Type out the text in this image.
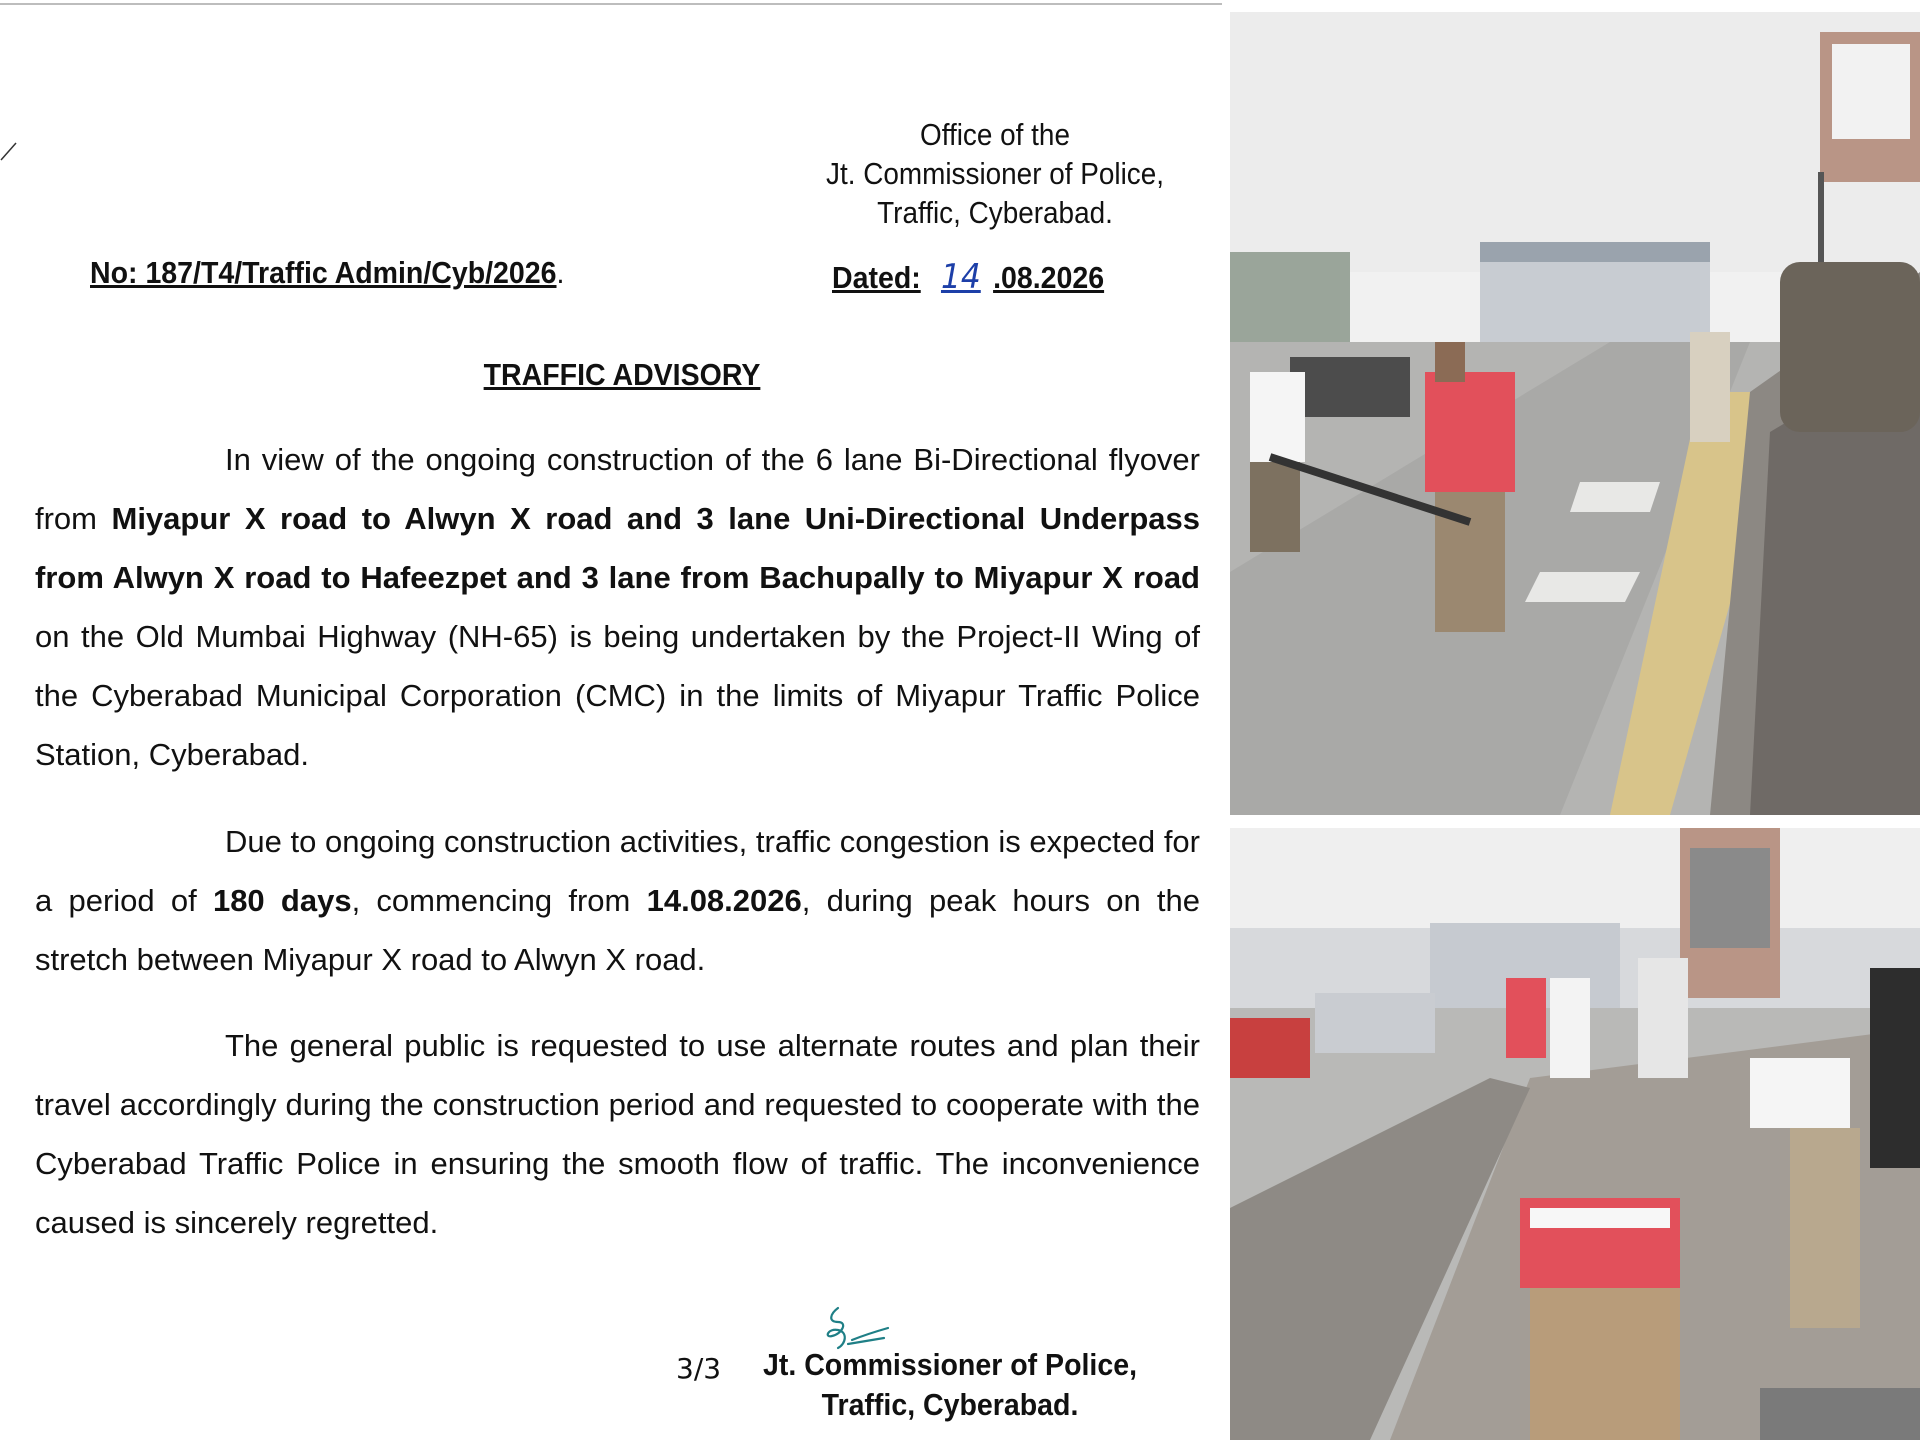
Office of the
Jt. Commissioner of Police,
Traffic, Cyberabad.
No: 187/T4/Traffic Admin/Cyb/2026.	Dated: 14 .08.2026
TRAFFIC ADVISORY
In view of the ongoing construction of the 6 lane Bi-Directional flyover from Miyapur X road to Alwyn X road and 3 lane Uni-Directional Underpass from Alwyn X road to Hafeezpet and 3 lane from Bachupally to Miyapur X road on the Old Mumbai Highway (NH-65) is being undertaken by the Project-II Wing of the Cyberabad Municipal Corporation (CMC) in the limits of Miyapur Traffic Police Station, Cyberabad.
Due to ongoing construction activities, traffic congestion is expected for a period of 180 days, commencing from 14.08.2026, during peak hours on the stretch between Miyapur X road to Alwyn X road.
The general public is requested to use alternate routes and plan their travel accordingly during the construction period and requested to cooperate with the Cyberabad Traffic Police in ensuring the smooth flow of traffic. The inconvenience caused is sincerely regretted.
3/3	Jt. Commissioner of Police,
Traffic, Cyberabad.
